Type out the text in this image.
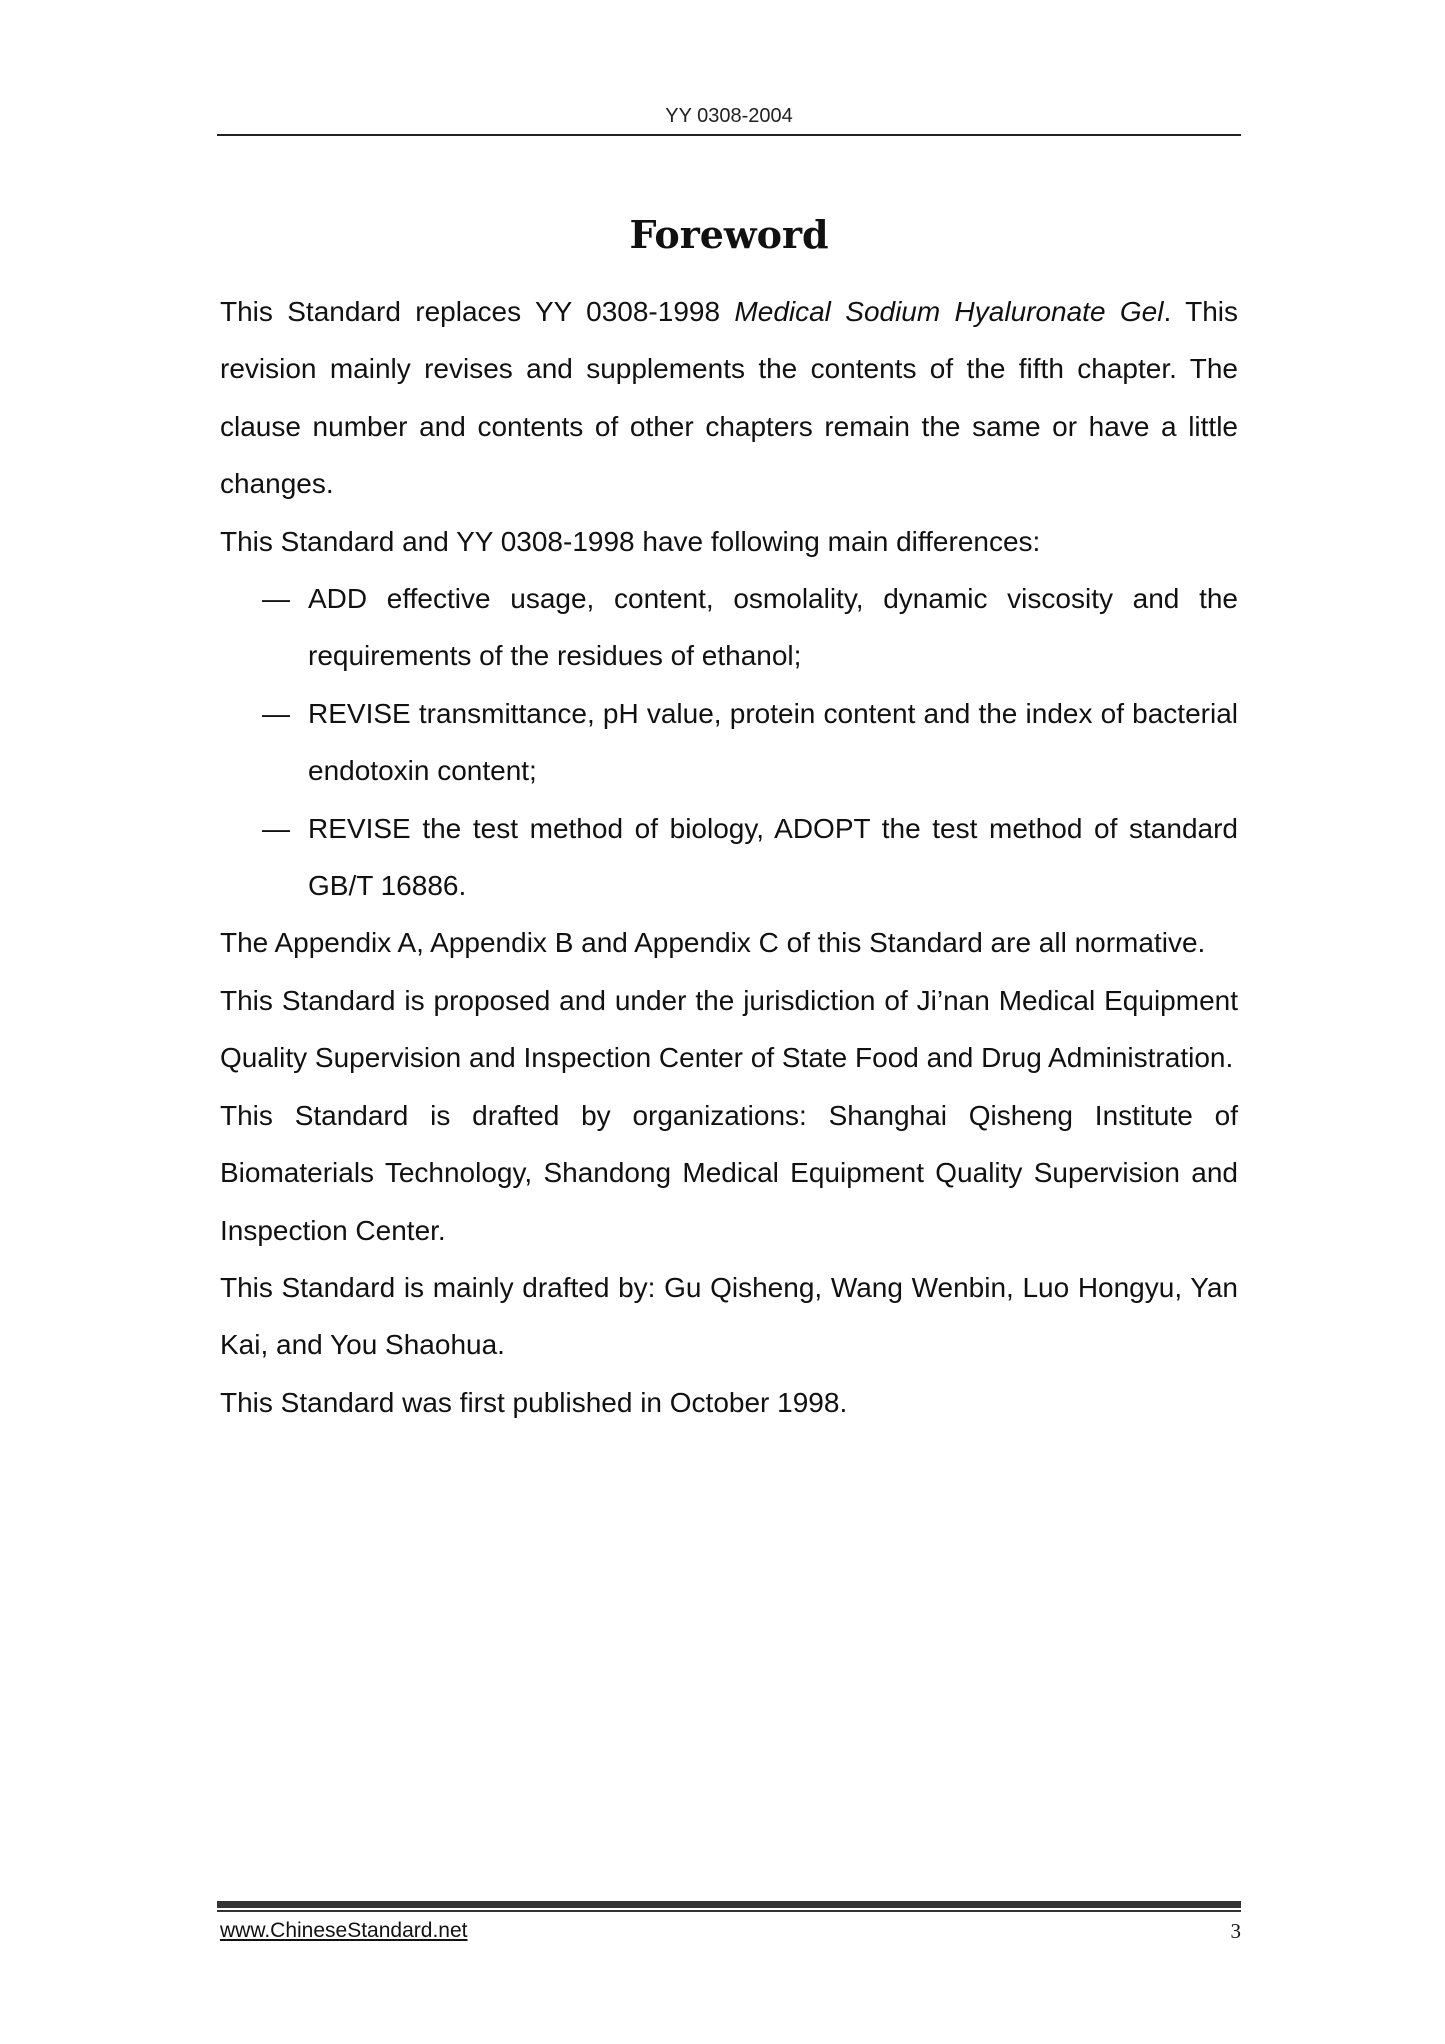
YY 0308-2004
Foreword

This Standard replaces YY 0308-1998 Medical Sodium Hyaluronate Gel. This revision mainly revises and supplements the contents of the fifth chapter. The clause number and contents of other chapters remain the same or have a little changes.

This Standard and YY 0308-1998 have following main differences:

— ADD effective usage, content, osmolality, dynamic viscosity and the requirements of the residues of ethanol;

— REVISE transmittance, pH value, protein content and the index of bacterial endotoxin content;

— REVISE the test method of biology, ADOPT the test method of standard GB/T 16886.

The Appendix A, Appendix B and Appendix C of this Standard are all normative.

This Standard is proposed and under the jurisdiction of Ji’nan Medical Equipment Quality Supervision and Inspection Center of State Food and Drug Administration.

This Standard is drafted by organizations: Shanghai Qisheng Institute of Biomaterials Technology, Shandong Medical Equipment Quality Supervision and Inspection Center.

This Standard is mainly drafted by: Gu Qisheng, Wang Wenbin, Luo Hongyu, Yan Kai, and You Shaohua.

This Standard was first published in October 1998.

www.ChineseStandard.net	3
